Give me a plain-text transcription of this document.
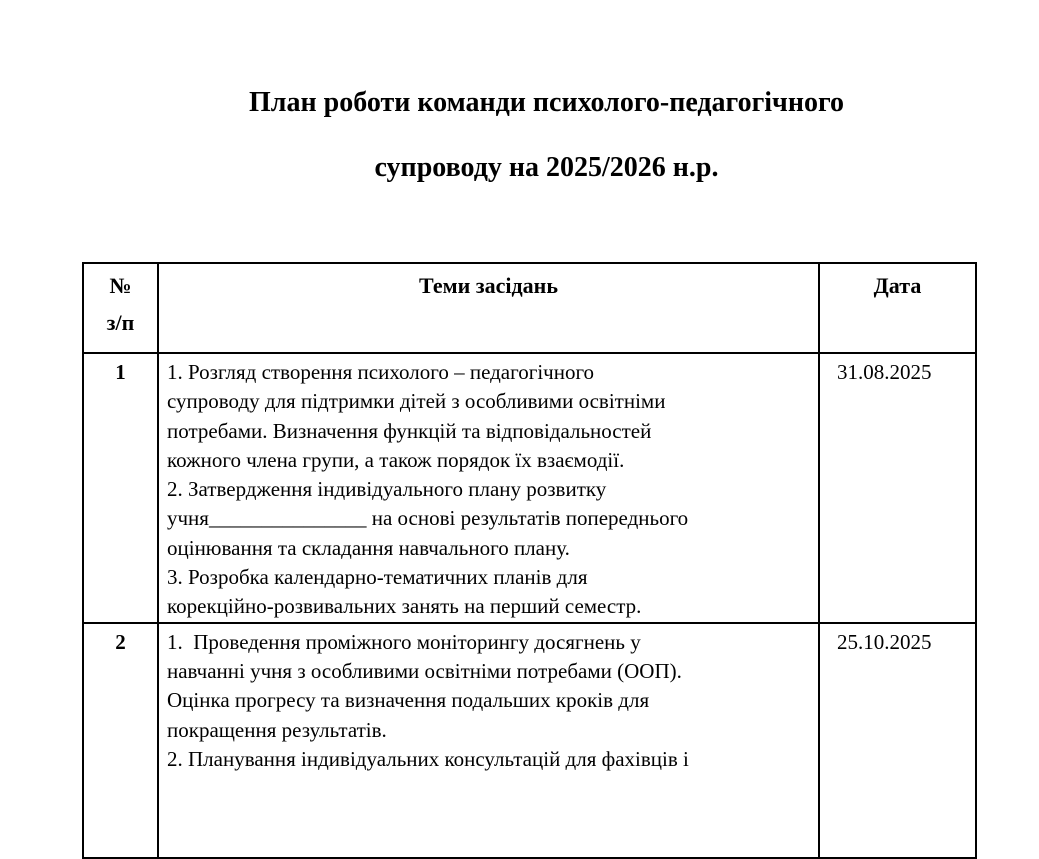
План роботи команди психолого-педагогічного
супроводу на 2025/2026 н.р.
№
з/п	Теми засідань	Дата
1	1. Розгляд створення психолого – педагогічного
супроводу для підтримки дітей з особливими освітніми
потребами. Визначення функцій та відповідальностей
кожного члена групи, а також порядок їх взаємодії.
2. Затвердження індивідуального плану розвитку
учня_______________ на основі результатів попереднього
оцінювання та складання навчального плану.
3. Розробка календарно-тематичних планів для
корекційно-розвивальних занять на перший семестр.
	31.08.2025
2	1.  Проведення проміжного моніторингу досягнень у
навчанні учня з особливими освітніми потребами (ООП).
Оцінка прогресу та визначення подальших кроків для
покращення результатів.
2. Планування індивідуальних консультацій для фахівців і	25.10.2025
